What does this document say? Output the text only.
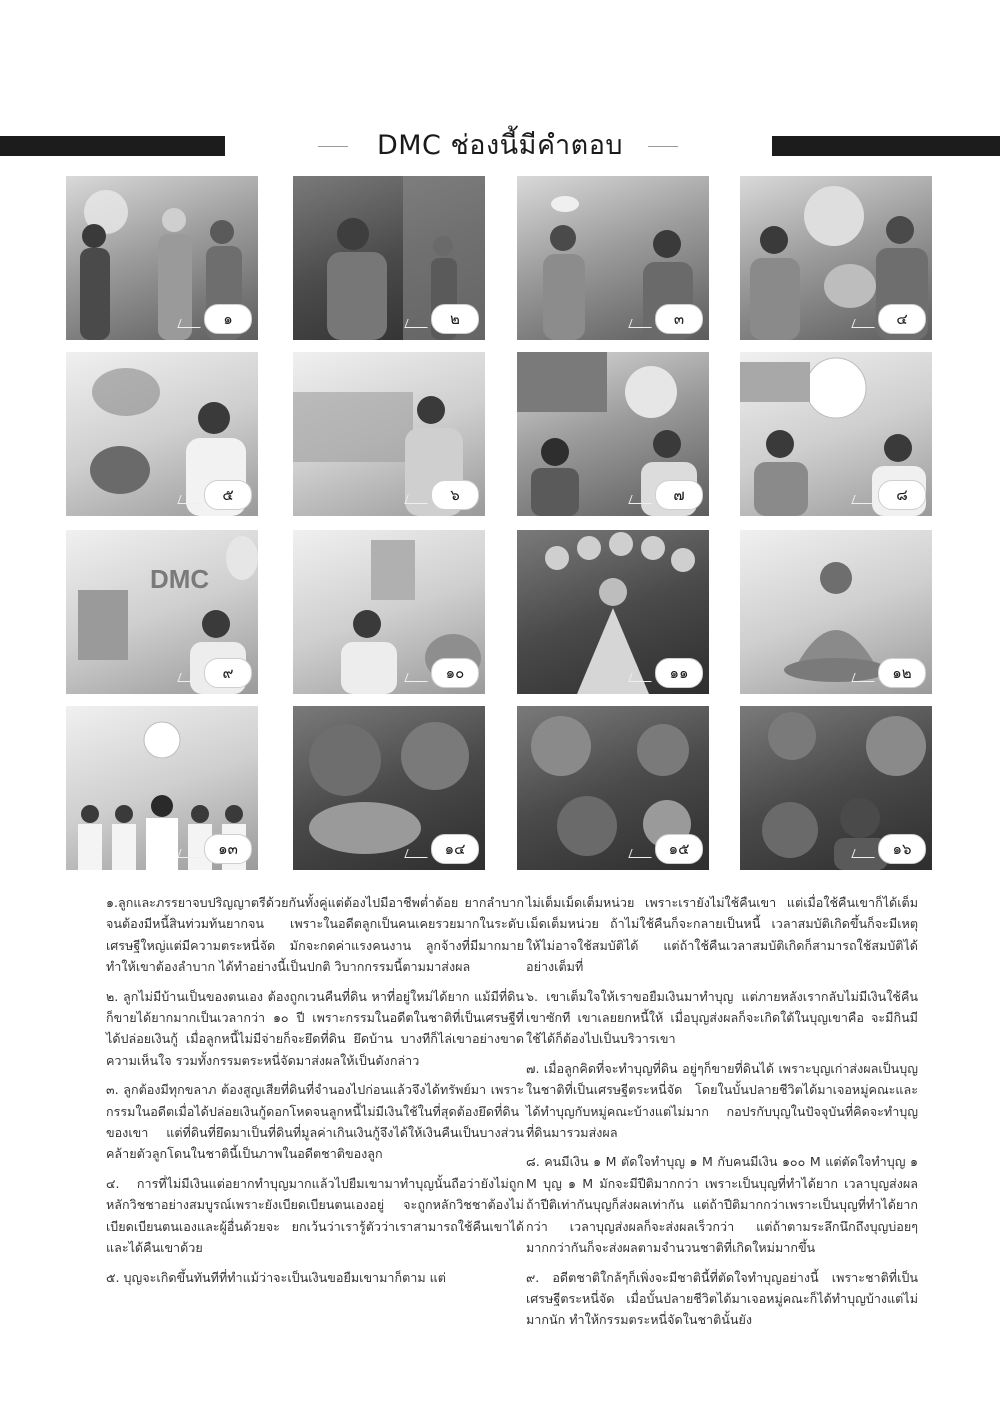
DMC ช่องนี้มีคำตอบ
๑	๒	๓	๔
๕	๖	๗	๘
DMC
๙	๑๐	๑๑	๑๒
๑๓	๑๔	๑๕	๑๖

๑.ลูกและภรรยาจบปริญญาตรีด้วยกันทั้งคู่แต่ต้องไปมีอาชีพต่ำต้อย ยากลำบากจนต้องมีหนี้สินท่วมท้นยากจน เพราะในอดีตลูกเป็นคนเคยรวยมากในระดับเศรษฐีใหญ่แต่มีความตระหนี่จัด มักจะกดค่าแรงคนงาน ลูกจ้างที่มีมากมาย ทำให้เขาต้องลำบาก ได้ทำอย่างนี้เป็นปกติ วิบากกรรมนี้ตามมาส่งผล

๒. ลูกไม่มีบ้านเป็นของตนเอง ต้องถูกเวนคืนที่ดิน หาที่อยู่ใหม่ได้ยาก แม้มีที่ดินก็ขายได้ยากมากเป็นเวลากว่า ๑๐ ปี เพราะกรรมในอดีตในชาติที่เป็นเศรษฐีที่ได้ปล่อยเงินกู้ เมื่อลูกหนี้ไม่มีจ่ายก็จะยึดที่ดิน ยึดบ้าน บางทีก็ไล่เขาอย่างขาดความเห็นใจ รวมทั้งกรรมตระหนี่จัดมาส่งผลให้เป็นดังกล่าว

๓. ลูกต้องมีทุกขลาภ ต้องสูญเสียที่ดินที่จำนองไปก่อนแล้วจึงได้ทรัพย์มา เพราะกรรมในอดีตเมื่อได้ปล่อยเงินกู้ดอกโหดจนลูกหนี้ไม่มีเงินใช้ในที่สุดต้องยึดที่ดินของเขา แต่ที่ดินที่ยึดมาเป็นที่ดินที่มูลค่าเกินเงินกู้จึงได้ให้เงินคืนเป็นบางส่วนคล้ายตัวลูกโดนในชาตินี้เป็นภาพในอดีตชาติของลูก

๔. การที่ไม่มีเงินแต่อยากทำบุญมากแล้วไปยืมเขามาทำบุญนั้นถือว่ายังไม่ถูกหลักวิชชาอย่างสมบูรณ์เพราะยังเบียดเบียนตนเองอยู่ จะถูกหลักวิชชาต้องไม่เบียดเบียนตนเองและผู้อื่นด้วยจะ ยกเว้นว่าเรารู้ตัวว่าเราสามารถใช้คืนเขาได้และได้คืนเขาด้วย

๕. บุญจะเกิดขึ้นทันทีที่ทำแม้ว่าจะเป็นเงินขอยืมเขามาก็ตาม แต่

ไม่เต็มเม็ดเต็มหน่วย เพราะเรายังไม่ใช้คืนเขา แต่เมื่อใช้คืนเขาก็ได้เต็มเม็ดเต็มหน่วย ถ้าไม่ใช้คืนก็จะกลายเป็นหนี้ เวลาสมบัติเกิดขึ้นก็จะมีเหตุให้ไม่อาจใช้สมบัติได้ แต่ถ้าใช้คืนเวลาสมบัติเกิดก็สามารถใช้สมบัติได้อย่างเต็มที่

๖. เขาเต็มใจให้เราขอยืมเงินมาทำบุญ แต่ภายหลังเรากลับไม่มีเงินใช้คืนเขาซักที เขาเลยยกหนี้ให้ เมื่อบุญส่งผลก็จะเกิดใต้ในบุญเขาคือ จะมีกินมีใช้ได้ก็ต้องไปเป็นบริวารเขา

๗. เมื่อลูกคิดที่จะทำบุญที่ดิน อยู่ๆก็ขายที่ดินได้ เพราะบุญเก่าส่งผลเป็นบุญในชาติที่เป็นเศรษฐีตระหนี่จัด โดยในบั้นปลายชีวิตได้มาเจอหมู่คณะและได้ทำบุญกับหมู่คณะบ้างแต่ไม่มาก กอปรกับบุญในปัจจุบันที่คิดจะทำบุญที่ดินมารวมส่งผล

๘. คนมีเงิน ๑ M ตัดใจทำบุญ ๑ M กับคนมีเงิน ๑๐๐ M แต่ตัดใจทำบุญ ๑ M บุญ ๑ M มักจะมีปีติมากกว่า เพราะเป็นบุญที่ทำได้ยาก เวลาบุญส่งผลถ้าปีติเท่ากันบุญก็ส่งผลเท่ากัน แต่ถ้าปีติมากกว่าเพราะเป็นบุญที่ทำได้ยากกว่า เวลาบุญส่งผลก็จะส่งผลเร็วกว่า แต่ถ้าตามระลึกนึกถึงบุญบ่อยๆมากกว่ากันก็จะส่งผลตามจำนวนชาติที่เกิดใหม่มากขึ้น

๙. อดีตชาติใกล้ๆก็เพิ่งจะมีชาตินี้ที่ตัดใจทำบุญอย่างนี้ เพราะชาติที่เป็นเศรษฐีตระหนี่จัด เมื่อบั้นปลายชีวิตได้มาเจอหมู่คณะก็ได้ทำบุญบ้างแต่ไม่มากนัก ทำให้กรรมตระหนี่จัดในชาตินั้นยัง
